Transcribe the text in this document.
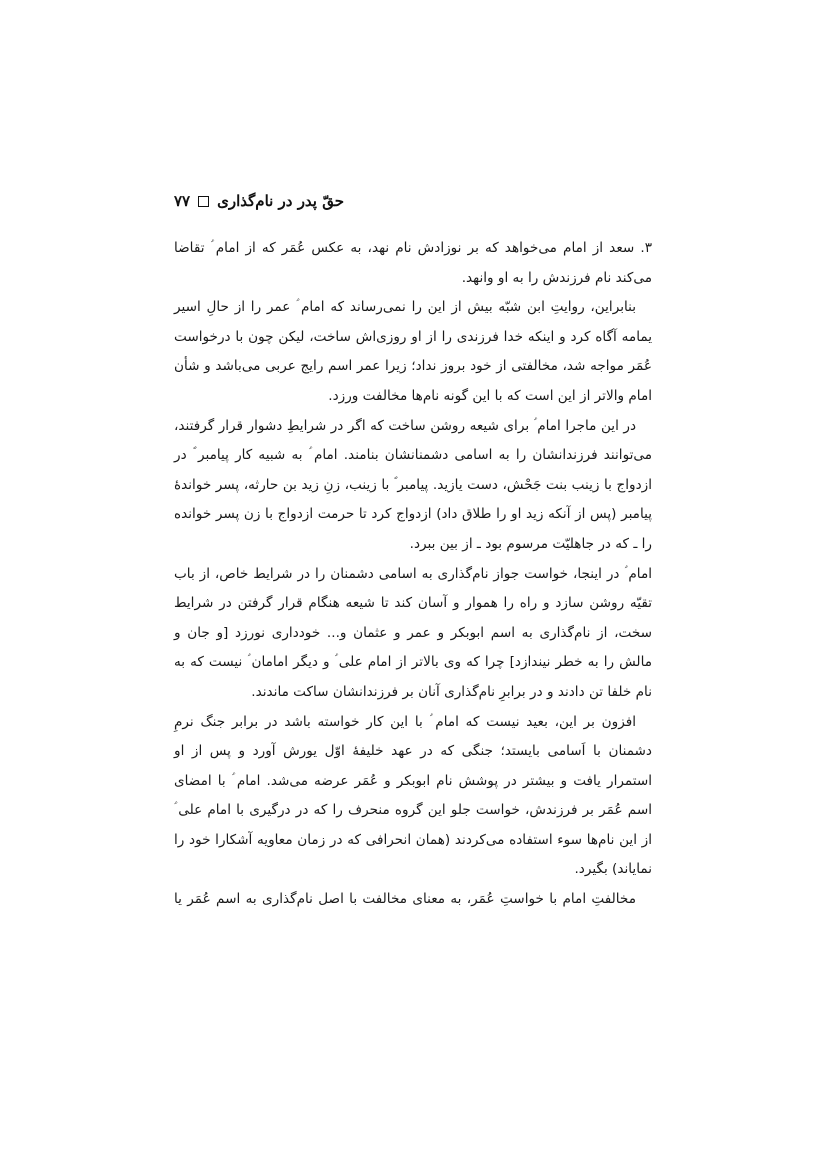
۷۷ حقّ پدر در نام‌گذاری

۳. سعد از امام می‌خواهد که بر نوزادش نام نهد، به عکس عُمَر که از امام ؑ تقاضا می‌کند نام فرزندش را به او وانهد.

بنابراین، روایتِ ابن شبّه بیش از این را نمی‌رساند که امام ؑ عمر را از حالِ اسیر یمامه آگاه کرد و اینکه خدا فرزندی را از او روزی‌اش ساخت، لیکن چون با درخواست عُمَر مواجه شد، مخالفتی از خود بروز نداد؛ زیرا عمر اسم رایج عربی می‌باشد و شأن امام والاتر از این است که با این گونه نام‌ها مخالفت ورزد.

در این ماجرا امام ؑ برای شیعه روشن ساخت که اگر در شرایطِ دشوار قرار گرفتند، می‌توانند فرزندانشان را به اسامی دشمنانشان بنامند. امام ؑ به شبیه کار پیامبر ؐ در ازدواج با زینب بنت جَحْش، دست یازید. پیامبر ؐ با زینب، زنِ زید بن حارثه، پسر خواندهٔ پیامبر (پس از آنکه زید او را طلاق داد) ازدواج کرد تا حرمت ازدواج با زن پسر خوانده را ـ که در جاهلیّت مرسوم بود ـ از بین ببرد.

امام ؑ در اینجا، خواست جواز نام‌گذاری به اسامی دشمنان را در شرایط خاص، از باب تقیّه روشن سازد و راه را هموار و آسان کند تا شیعه هنگام قرار گرفتن در شرایط سخت، از نام‌گذاری به اسم ابوبکر و عمر و عثمان و... خودداری نورزد [و جان و مالش را به خطر نیندازد] چرا که وی بالاتر از امام علی ؑ و دیگر امامان ؑ نیست که به نام خلفا تن دادند و در برابرِ نام‌گذاری آنان بر فرزندانشان ساکت ماندند.

افزون بر این، بعید نیست که امام ؑ با این کار خواسته باشد در برابر جنگ نرمِ دشمنان با اَسامی بایستد؛ جنگی که در عهد خلیفهٔ اوّل یورش آورد و پس از او استمرار یافت و بیشتر در پوشش نام ابوبکر و عُمَر عرضه می‌شد. امام ؑ با امضای اسم عُمَر بر فرزندش، خواست جلو این گروه منحرف را که در درگیری با امام علی ؑ از این نام‌ها سوء استفاده می‌کردند (همان انحرافی که در زمان معاویه آشکارا خود را نمایاند) بگیرد.

مخالفتِ امام با خواستِ عُمَر، به معنای مخالفت با اصل نام‌گذاری به اسم عُمَر یا
